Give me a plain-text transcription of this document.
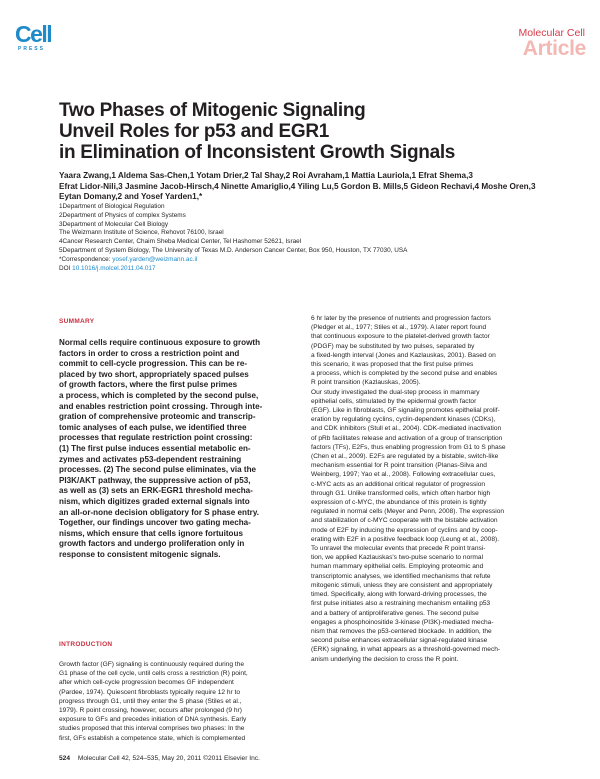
Cell
PRESS
Molecular Cell
Article
Two Phases of Mitogenic Signaling
Unveil Roles for p53 and EGR1
in Elimination of Inconsistent Growth Signals
Yaara Zwang,1 Aldema Sas-Chen,1 Yotam Drier,2 Tal Shay,2 Roi Avraham,1 Mattia Lauriola,1 Efrat Shema,3
Efrat Lidor-Nili,3 Jasmine Jacob-Hirsch,4 Ninette Amariglio,4 Yiling Lu,5 Gordon B. Mills,5 Gideon Rechavi,4 Moshe Oren,3
Eytan Domany,2 and Yosef Yarden1,*
1Department of Biological Regulation
2Department of Physics of complex Systems
3Department of Molecular Cell Biology
The Weizmann Institute of Science, Rehovot 76100, Israel
4Cancer Research Center, Chaim Sheba Medical Center, Tel Hashomer 52621, Israel
5Department of System Biology, The University of Texas M.D. Anderson Cancer Center, Box 950, Houston, TX 77030, USA
*Correspondence: yosef.yarden@weizmann.ac.il
DOI 10.1016/j.molcel.2011.04.017
SUMMARY
Normal cells require continuous exposure to growth
factors in order to cross a restriction point and
commit to cell-cycle progression. This can be re-
placed by two short, appropriately spaced pulses
of growth factors, where the first pulse primes
a process, which is completed by the second pulse,
and enables restriction point crossing. Through inte-
gration of comprehensive proteomic and transcrip-
tomic analyses of each pulse, we identified three
processes that regulate restriction point crossing:
(1) The first pulse induces essential metabolic en-
zymes and activates p53-dependent restraining
processes. (2) The second pulse eliminates, via the
PI3K/AKT pathway, the suppressive action of p53,
as well as (3) sets an ERK-EGR1 threshold mecha-
nism, which digitizes graded external signals into
an all-or-none decision obligatory for S phase entry.
Together, our findings uncover two gating mecha-
nisms, which ensure that cells ignore fortuitous
growth factors and undergo proliferation only in
response to consistent mitogenic signals.
INTRODUCTION
Growth factor (GF) signaling is continuously required during the
G1 phase of the cell cycle, until cells cross a restriction (R) point,
after which cell-cycle progression becomes GF independent
(Pardee, 1974). Quiescent fibroblasts typically require 12 hr to
progress through G1, until they enter the S phase (Stiles et al.,
1979). R point crossing, however, occurs after prolonged (9 hr)
exposure to GFs and precedes initiation of DNA synthesis. Early
studies proposed that this interval comprises two phases: In the
first, GFs establish a competence state, which is complemented
6 hr later by the presence of nutrients and progression factors
(Pledger et al., 1977; Stiles et al., 1979). A later report found
that continuous exposure to the platelet-derived growth factor
(PDGF) may be substituted by two pulses, separated by
a fixed-length interval (Jones and Kazlauskas, 2001). Based on
this scenario, it was proposed that the first pulse primes
a process, which is completed by the second pulse and enables
R point transition (Kazlauskas, 2005).
Our study investigated the dual-step process in mammary
epithelial cells, stimulated by the epidermal growth factor
(EGF). Like in fibroblasts, GF signaling promotes epithelial prolif-
eration by regulating cyclins, cyclin-dependent kinases (CDKs),
and CDK inhibitors (Stull et al., 2004). CDK-mediated inactivation
of pRb facilitates release and activation of a group of transcription
factors (TFs), E2Fs, thus enabling progression from G1 to S phase
(Chen et al., 2009). E2Fs are regulated by a bistable, switch-like
mechanism essential for R point transition (Planas-Silva and
Weinberg, 1997; Yao et al., 2008). Following extracellular cues,
c-MYC acts as an additional critical regulator of progression
through G1. Unlike transformed cells, which often harbor high
expression of c-MYC, the abundance of this protein is tightly
regulated in normal cells (Meyer and Penn, 2008). The expression
and stabilization of c-MYC cooperate with the bistable activation
mode of E2F by inducing the expression of cyclins and by coop-
erating with E2F in a positive feedback loop (Leung et al., 2008).
To unravel the molecular events that precede R point transi-
tion, we applied Kazlauskas's two-pulse scenario to normal
human mammary epithelial cells. Employing proteomic and
transcriptomic analyses, we identified mechanisms that refute
mitogenic stimuli, unless they are consistent and appropriately
timed. Specifically, along with forward-driving processes, the
first pulse initiates also a restraining mechanism entailing p53
and a battery of antiproliferative genes. The second pulse
engages a phosphoinositide 3-kinase (PI3K)-mediated mecha-
nism that removes the p53-centered blockade. In addition, the
second pulse enhances extracellular signal-regulated kinase
(ERK) signaling, in what appears as a threshold-governed mech-
anism underlying the decision to cross the R point.
524 Molecular Cell 42, 524–535, May 20, 2011 ©2011 Elsevier Inc.
